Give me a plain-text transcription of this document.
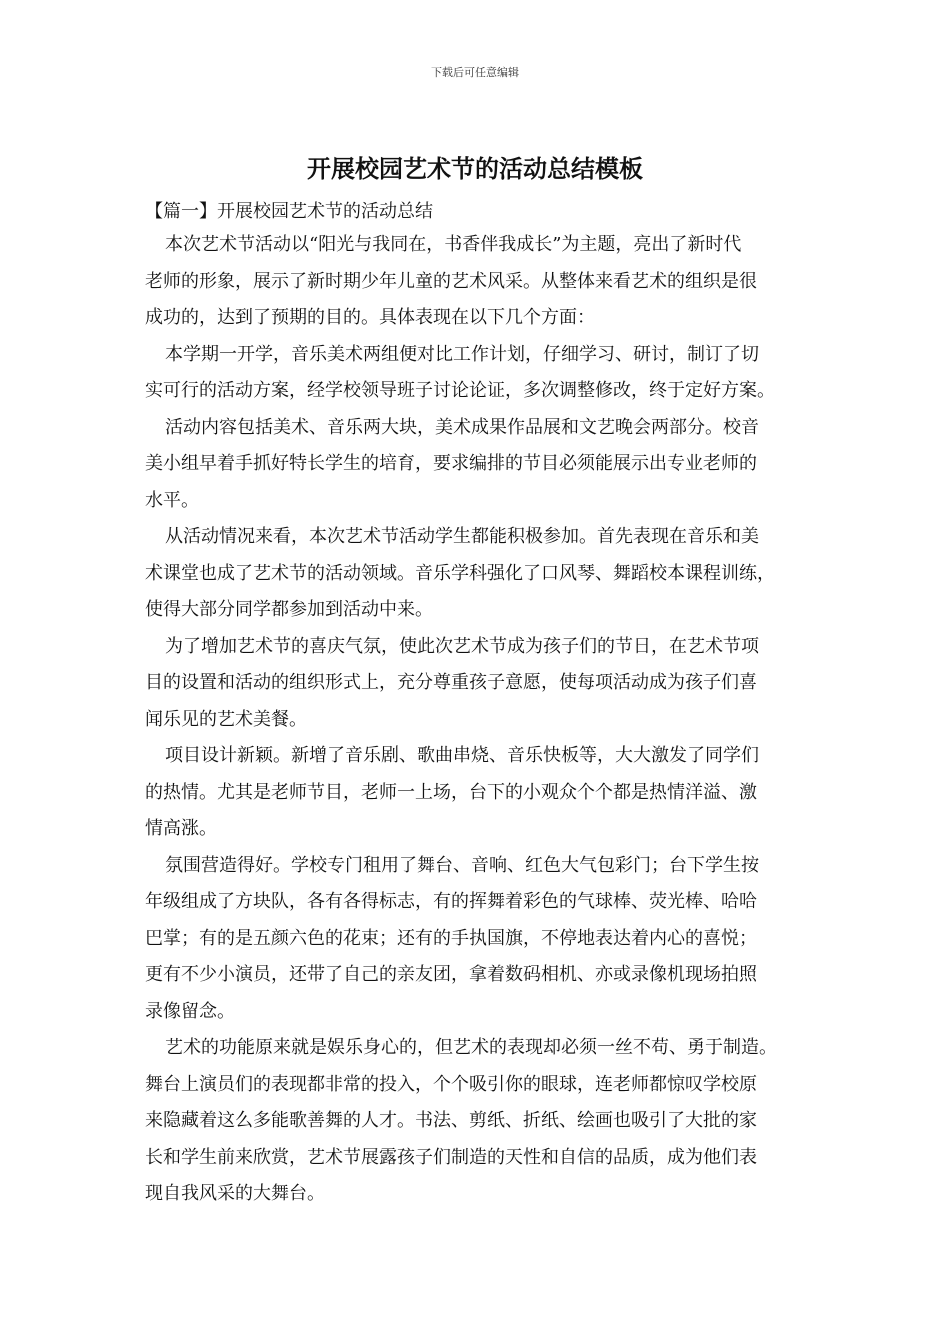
下载后可任意编辑
开展校园艺术节的活动总结模板
【篇一】开展校园艺术节的活动总结
本次艺术节活动以“阳光与我同在，书香伴我成长”为主题，亮出了新时代
老师的形象，展示了新时期少年儿童的艺术风采。从整体来看艺术的组织是很
成功的，达到了预期的目的。具体表现在以下几个方面：
本学期一开学，音乐美术两组便对比工作计划，仔细学习、研讨，制订了切
实可行的活动方案，经学校领导班子讨论论证，多次调整修改，终于定好方案。
活动内容包括美术、音乐两大块，美术成果作品展和文艺晚会两部分。校音
美小组早着手抓好特长学生的培育，要求编排的节目必须能展示出专业老师的
水平。
从活动情况来看，本次艺术节活动学生都能积极参加。首先表现在音乐和美
术课堂也成了艺术节的活动领域。音乐学科强化了口风琴、舞蹈校本课程训练，
使得大部分同学都参加到活动中来。
为了增加艺术节的喜庆气氛，使此次艺术节成为孩子们的节日，在艺术节项
目的设置和活动的组织形式上，充分尊重孩子意愿，使每项活动成为孩子们喜
闻乐见的艺术美餐。
项目设计新颖。新增了音乐剧、歌曲串烧、音乐快板等，大大激发了同学们
的热情。尤其是老师节目，老师一上场，台下的小观众个个都是热情洋溢、激
情高涨。
氛围营造得好。学校专门租用了舞台、音响、红色大气包彩门；台下学生按
年级组成了方块队，各有各得标志，有的挥舞着彩色的气球棒、荧光棒、哈哈
巴掌；有的是五颜六色的花束；还有的手执国旗，不停地表达着内心的喜悦；
更有不少小演员，还带了自己的亲友团，拿着数码相机、亦或录像机现场拍照
录像留念。
艺术的功能原来就是娱乐身心的，但艺术的表现却必须一丝不苟、勇于制造。
舞台上演员们的表现都非常的投入，个个吸引你的眼球，连老师都惊叹学校原
来隐藏着这么多能歌善舞的人才。书法、剪纸、折纸、绘画也吸引了大批的家
长和学生前来欣赏，艺术节展露孩子们制造的天性和自信的品质，成为他们表
现自我风采的大舞台。
